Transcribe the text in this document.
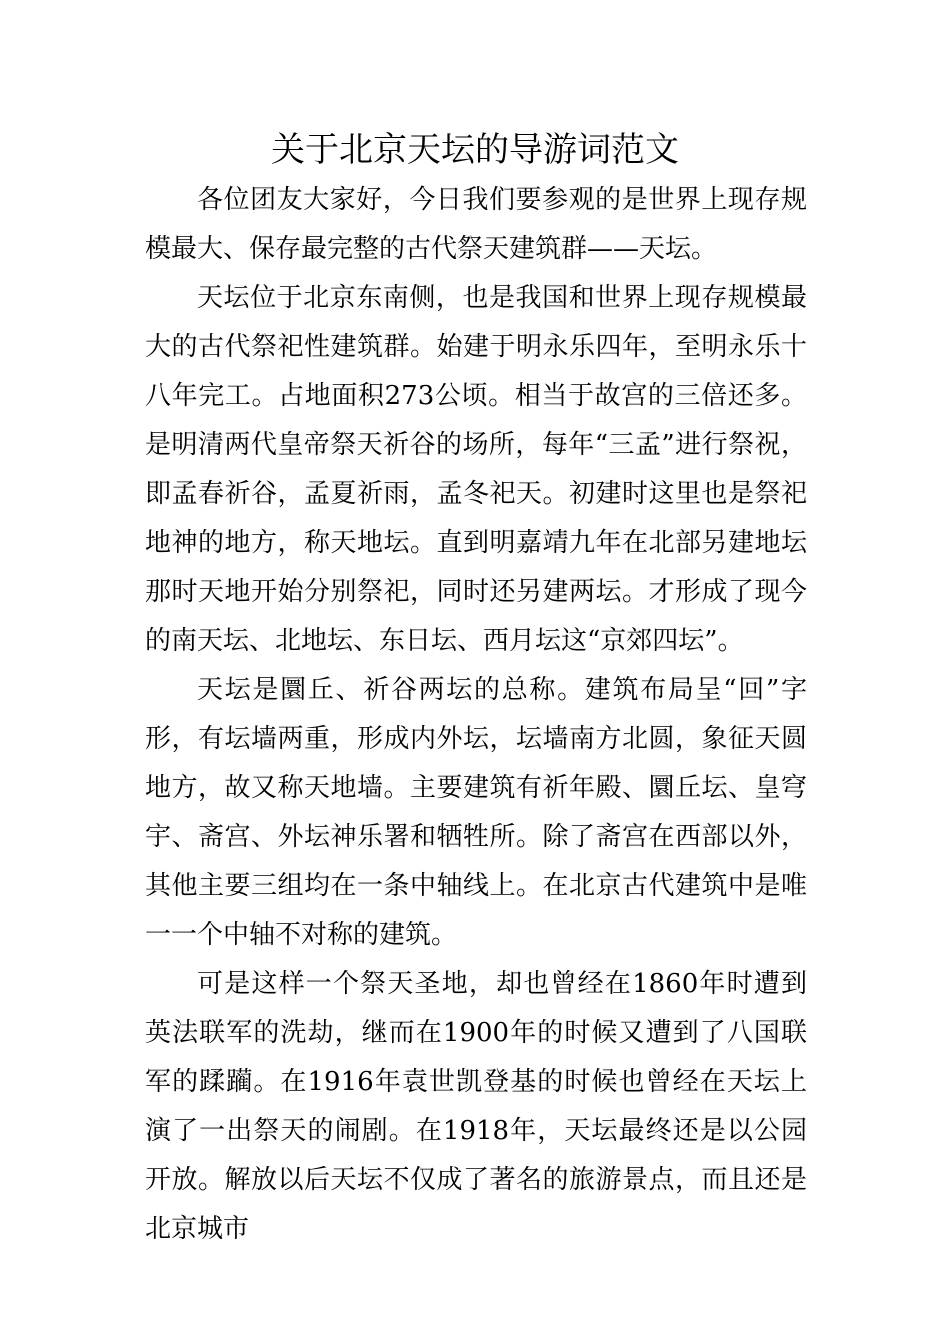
关于北京天坛的导游词范文

各位团友大家好，今日我们要参观的是世界上现存规模最大、保存最完整的古代祭天建筑群——天坛。

天坛位于北京东南侧，也是我国和世界上现存规模最大的古代祭祀性建筑群。始建于明永乐四年，至明永乐十八年完工。占地面积273公顷。相当于故宫的三倍还多。是明清两代皇帝祭天祈谷的场所，每年“三孟”进行祭祝，即孟春祈谷，孟夏祈雨，孟冬祀天。初建时这里也是祭祀地神的地方，称天地坛。直到明嘉靖九年在北部另建地坛那时天地开始分别祭祀，同时还另建两坛。才形成了现今的南天坛、北地坛、东日坛、西月坛这“京郊四坛”。

天坛是圜丘、祈谷两坛的总称。建筑布局呈“回”字形，有坛墙两重，形成内外坛，坛墙南方北圆，象征天圆地方，故又称天地墙。主要建筑有祈年殿、圜丘坛、皇穹宇、斋宫、外坛神乐署和牺牲所。除了斋宫在西部以外，其他主要三组均在一条中轴线上。在北京古代建筑中是唯一一个中轴不对称的建筑。

可是这样一个祭天圣地，却也曾经在1860年时遭到英法联军的洗劫，继而在1900年的时候又遭到了八国联军的蹂躏。在1916年袁世凯登基的时候也曾经在天坛上演了一出祭天的闹剧。在1918年，天坛最终还是以公园开放。解放以后天坛不仅成了著名的旅游景点，而且还是北京城市
